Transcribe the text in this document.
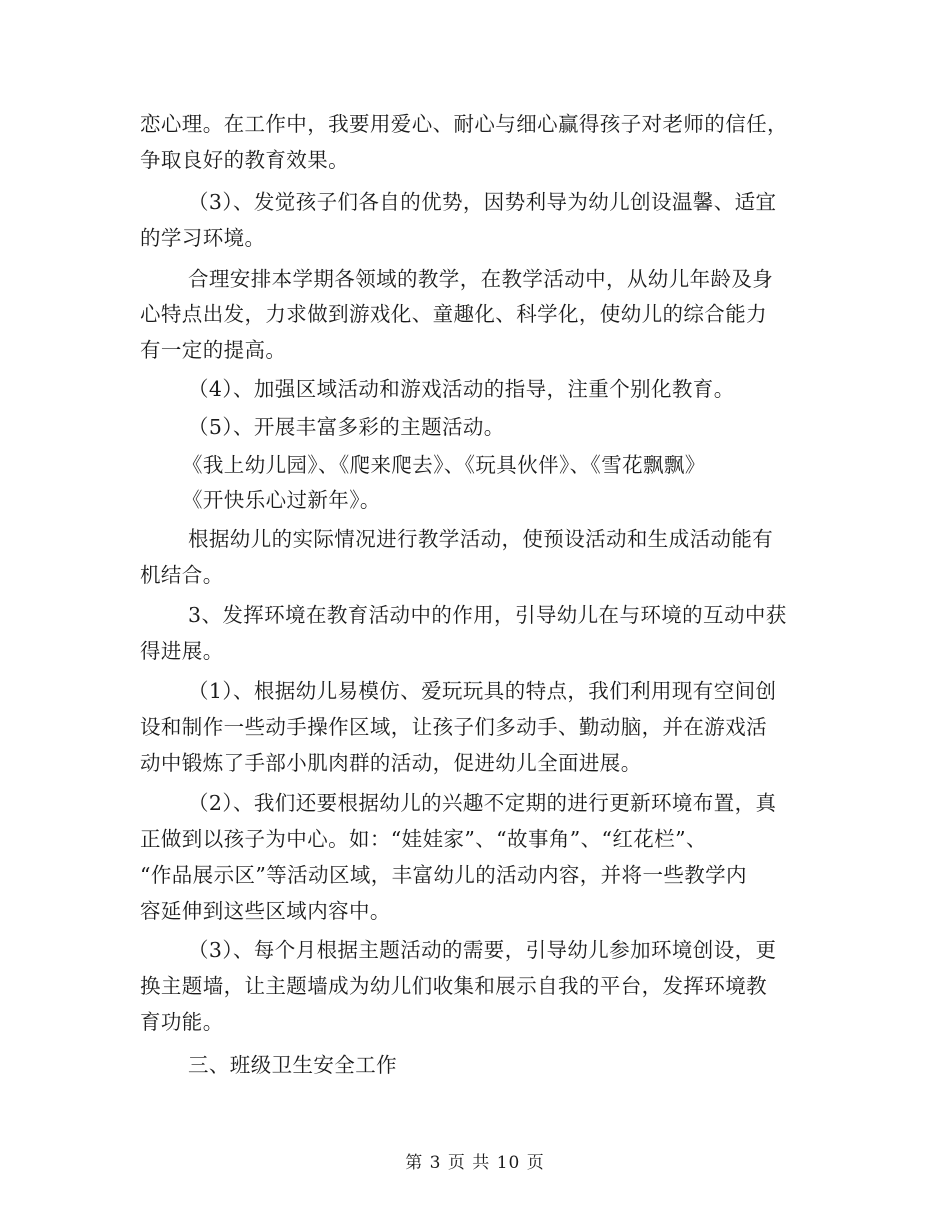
恋心理。在工作中，我要用爱心、耐心与细心赢得孩子对老师的信任，
争取良好的教育效果。
（3）、发觉孩子们各自的优势，因势利导为幼儿创设温馨、适宜
的学习环境。
合理安排本学期各领域的教学，在教学活动中，从幼儿年龄及身
心特点出发，力求做到游戏化、童趣化、科学化，使幼儿的综合能力
有一定的提高。
（4）、加强区域活动和游戏活动的指导，注重个别化教育。
（5）、开展丰富多彩的主题活动。
《我上幼儿园》、《爬来爬去》、《玩具伙伴》、《雪花飘飘》
《开快乐心过新年》。
根据幼儿的实际情况进行教学活动，使预设活动和生成活动能有
机结合。
3、发挥环境在教育活动中的作用，引导幼儿在与环境的互动中获
得进展。
（1）、根据幼儿易模仿、爱玩玩具的特点，我们利用现有空间创
设和制作一些动手操作区域，让孩子们多动手、勤动脑，并在游戏活
动中锻炼了手部小肌肉群的活动，促进幼儿全面进展。
（2）、我们还要根据幼儿的兴趣不定期的进行更新环境布置，真
正做到以孩子为中心。如：“娃娃家”、“故事角”、“红花栏”、
“作品展示区”等活动区域，丰富幼儿的活动内容，并将一些教学内
容延伸到这些区域内容中。
（3）、每个月根据主题活动的需要，引导幼儿参加环境创设，更
换主题墙，让主题墙成为幼儿们收集和展示自我的平台，发挥环境教
育功能。
三、班级卫生安全工作
第 3 页 共 10 页
